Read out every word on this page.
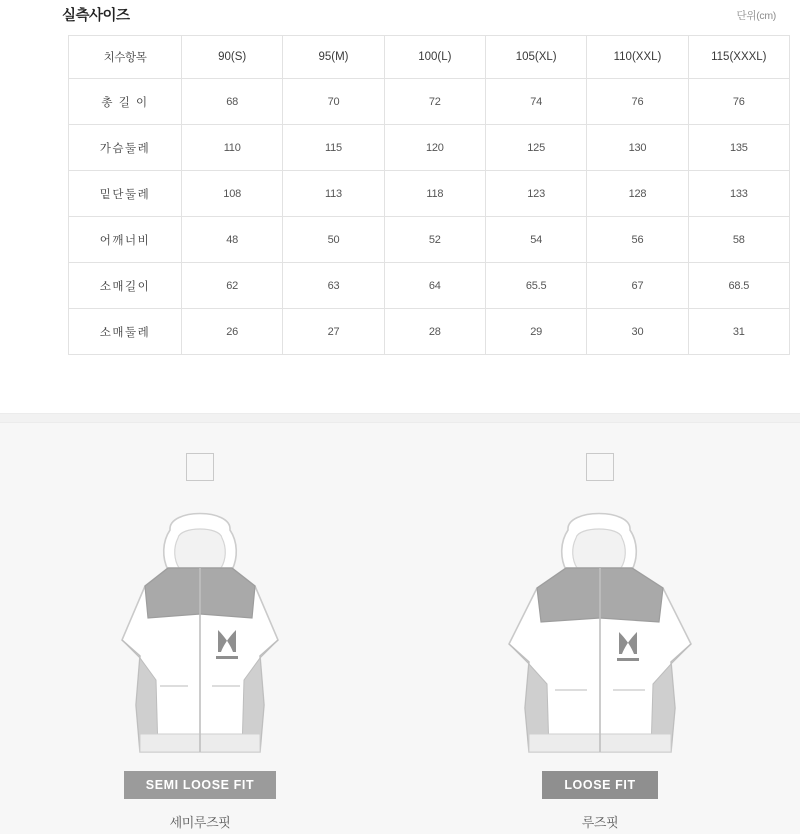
실측사이즈	단위(cm)
치수항목	90(S)	95(M)	100(L)	105(XL)	110(XXL)	115(XXXL)
총 길 이	68	70	72	74	76	76
가슴둘레	110	115	120	125	130	135
밑단둘레	108	113	118	123	128	133
어깨너비	48	50	52	54	56	58
소매길이	62	63	64	65.5	67	68.5
소매둘레	26	27	28	29	30	31
SEMI LOOSE FIT
세미루즈핏
LOOSE FIT
루즈핏
